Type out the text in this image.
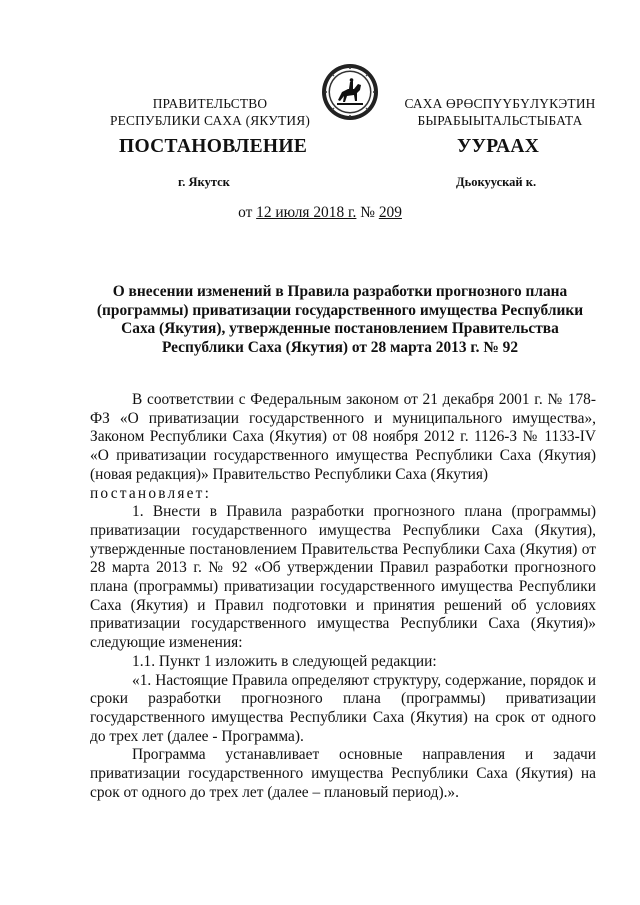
ПРАВИТЕЛЬСТВО
РЕСПУБЛИКИ САХА (ЯКУТИЯ)
САХА ӨРӨСПҮҮБҮЛҮКЭТИН
БЫРАБЫЫТАЛЬСТЫБАТА
ПОСТАНОВЛЕНИЕ	УУРААХ
г. Якутск	Дьокуускай к.
от 12 июля 2018 г. № 209
О внесении изменений в Правила разработки прогнозного плана (программы) приватизации государственного имущества Республики Саха (Якутия), утвержденные постановлением Правительства Республики Саха (Якутия) от 28 марта 2013 г. № 92

В соответствии с Федеральным законом от 21 декабря 2001 г. № 178-ФЗ «О приватизации государственного и муниципального имущества», Законом Республики Саха (Якутия) от 08 ноября 2012 г. 1126-З № 1133-IV «О приватизации государственного имущества Республики Саха (Якутия) (новая редакция)» Правительство Республики Саха (Якутия)
постановляет:

1. Внести в Правила разработки прогнозного плана (программы) приватизации государственного имущества Республики Саха (Якутия), утвержденные постановлением Правительства Республики Саха (Якутия) от 28 марта 2013 г. № 92 «Об утверждении Правил разработки прогнозного плана (программы) приватизации государственного имущества Республики Саха (Якутия) и Правил подготовки и принятия решений об условиях приватизации государственного имущества Республики Саха (Якутия)» следующие изменения:

1.1. Пункт 1 изложить в следующей редакции:

«1. Настоящие Правила определяют структуру, содержание, порядок и сроки разработки прогнозного плана (программы) приватизации государственного имущества Республики Саха (Якутия) на срок от одного до трех лет (далее - Программа).

Программа устанавливает основные направления и задачи приватизации государственного имущества Республики Саха (Якутия) на срок от одного до трех лет (далее – плановый период).».
